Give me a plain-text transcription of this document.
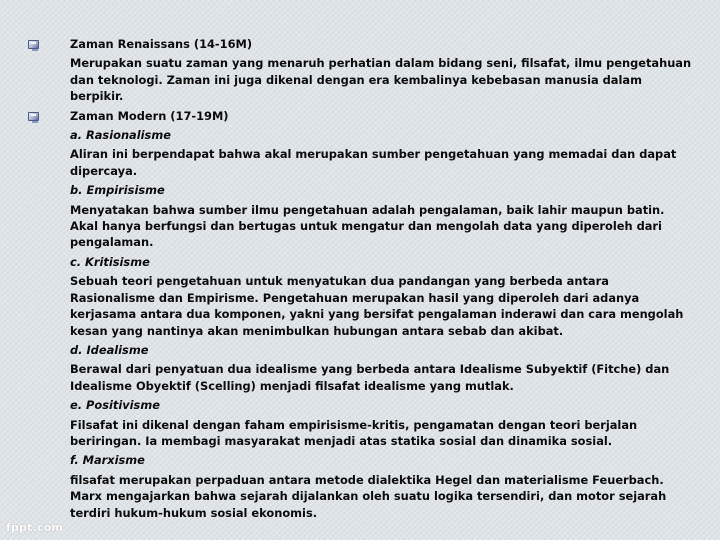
Zaman Renaissans (14-16M)

Merupakan suatu zaman yang menaruh perhatian dalam bidang seni, filsafat, ilmu pengetahuan dan teknologi. Zaman ini juga dikenal dengan era kembalinya kebebasan manusia dalam berpikir.

Zaman Modern (17-19M)

a. Rasionalisme

Aliran ini berpendapat bahwa akal merupakan sumber pengetahuan yang memadai dan dapat dipercaya.

b. Empirisisme

Menyatakan bahwa sumber ilmu pengetahuan adalah pengalaman, baik lahir maupun batin. Akal hanya berfungsi dan bertugas untuk mengatur dan mengolah data yang diperoleh dari pengalaman.

c. Kritisisme

Sebuah teori pengetahuan untuk menyatukan dua pandangan yang berbeda antara Rasionalisme dan Empirisme. Pengetahuan merupakan hasil yang diperoleh dari adanya kerjasama antara dua komponen, yakni yang bersifat pengalaman inderawi dan cara mengolah kesan yang nantinya akan menimbulkan hubungan antara sebab dan akibat.

d. Idealisme

Berawal dari penyatuan dua idealisme yang berbeda antara Idealisme Subyektif (Fitche) dan Idealisme Obyektif (Scelling) menjadi filsafat idealisme yang mutlak.

e. Positivisme

Filsafat ini dikenal dengan faham empirisisme-kritis, pengamatan dengan teori berjalan beriringan. Ia membagi masyarakat menjadi atas statika sosial dan dinamika sosial.

f. Marxisme

filsafat merupakan perpaduan antara metode dialektika Hegel dan materialisme Feuerbach. Marx mengajarkan bahwa sejarah dijalankan oleh suatu logika tersendiri, dan motor sejarah terdiri hukum-hukum sosial ekonomis.

fppt.com
